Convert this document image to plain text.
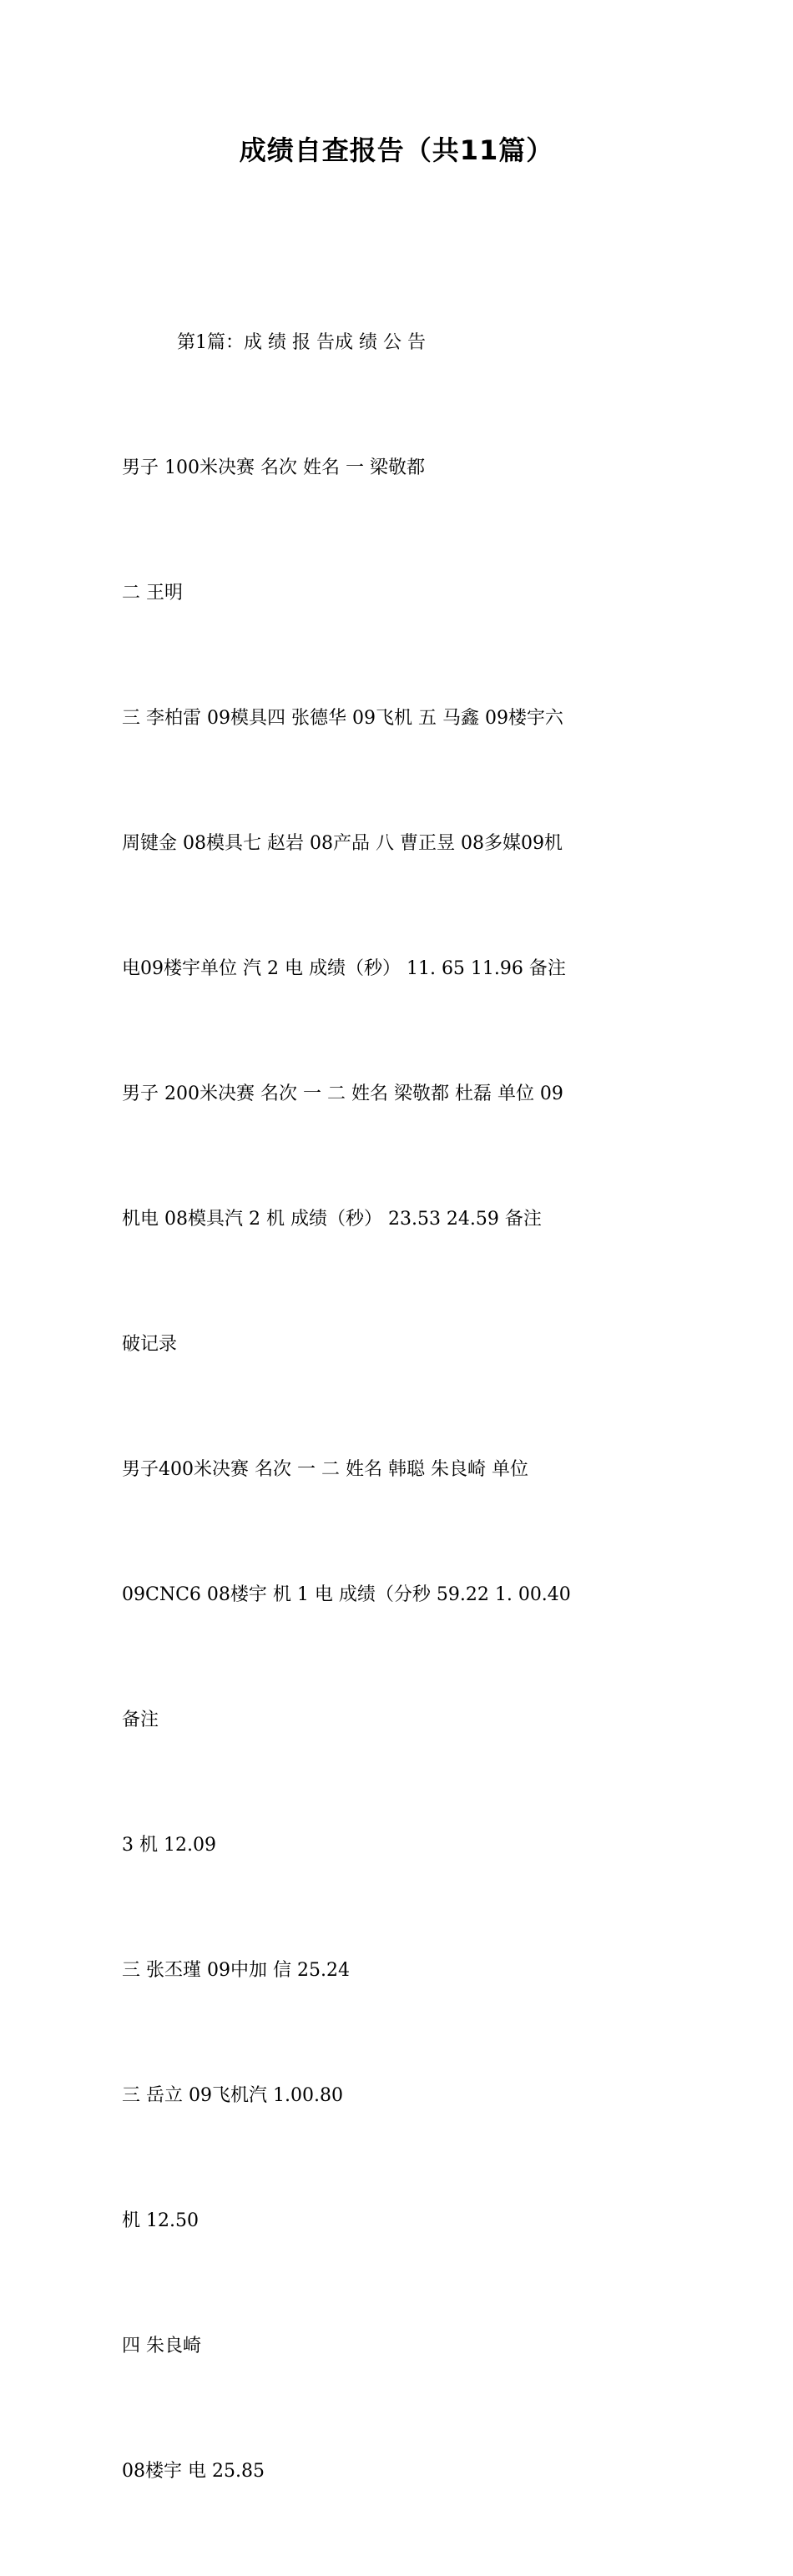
成绩自查报告（共11篇）

第1篇：成 绩 报 告成 绩 公 告

男子 100米决赛 名次 姓名 一 梁敬都

二 王明

三 李柏雷 09模具四 张德华 09飞机 五 马鑫 09楼宇六

周键金 08模具七 赵岩 08产品 八 曹正昱 08多媒09机

电09楼宇单位 汽 2 电 成绩（秒） 11. 65 11.96 备注

男子 200米决赛 名次 一 二 姓名 梁敬都 杜磊 单位 09

机电 08模具汽 2 机 成绩（秒） 23.53 24.59 备注

破记录

男子400米决赛 名次 一 二 姓名 韩聪 朱良崎 单位

09CNC6 08楼宇 机 1 电 成绩（分秒 59.22 1. 00.40

备注

3 机 12.09

三 张丕瑾 09中加 信 25.24

三 岳立 09飞机汽 1.00.80

机 12.50

四 朱良崎

08楼宇 电 25.85
